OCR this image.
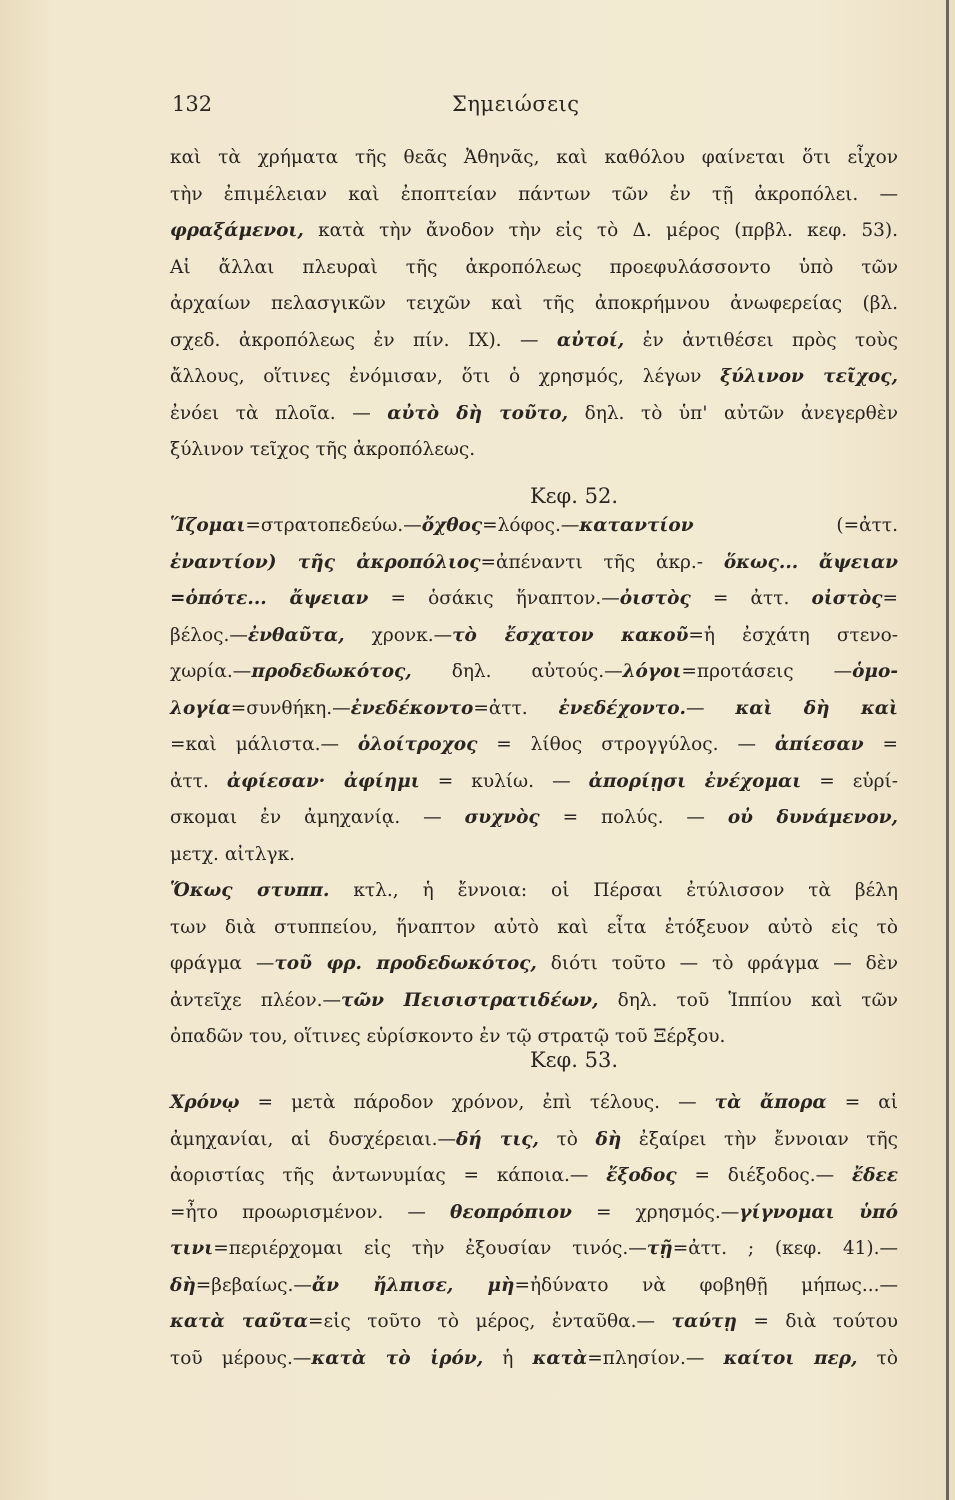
132	Σημειώσεις
καὶ τὰ χρήματα τῆς θεᾶς Ἀθηνᾶς, καὶ καθόλου φαίνεται ὅτι εἶχον
τὴν ἐπιμέλειαν καὶ ἐποπτείαν πάντων τῶν ἐν τῇ ἀκροπόλει. —
φραξάμενοι, κατὰ τὴν ἄνοδον τὴν εἰς τὸ Δ. μέρος (πρβλ. κεφ. 53).
Αἱ ἄλλαι πλευραὶ τῆς ἀκροπόλεως προεφυλάσσοντο ὑπὸ τῶν
ἀρχαίων πελασγικῶν τειχῶν καὶ τῆς ἀποκρήμνου ἀνωφερείας (βλ.
σχεδ. ἀκροπόλεως ἐν πίν. IX). — αὐτοί, ἐν ἀντιθέσει πρὸς τοὺς
ἄλλους, οἵτινες ἐνόμισαν, ὅτι ὁ χρησμός, λέγων ξύλινον τεῖχος,
ἐνόει τὰ πλοῖα. — αὐτὸ δὴ τοῦτο, δηλ. τὸ ὑπ' αὐτῶν ἀνεγερθὲν
ξύλινον τεῖχος τῆς ἀκροπόλεως.
Κεφ. 52.
Ἵζομαι=στρατοπεδεύω.—ὄχθος=λόφος.—καταντίον (=ἀττ.
ἐναντίον) τῆς ἀκροπόλιος=ἀπέναντι τῆς ἀκρ.- ὅκως... ἄψειαν
=ὁπότε... ἄψειαν = ὁσάκις ἥναπτον.—ὀιστὸς = ἀττ. οἰστὸς=
βέλος.—ἐνθαῦτα, χρονκ.—τὸ ἔσχατον κακοῦ=ἡ ἐσχάτη στενο-
χωρία.—προδεδωκότος, δηλ. αὐτούς.—λόγοι=προτάσεις —ὁμο-
λογία=συνθήκη.—ἐνεδέκοντο=ἀττ. ἐνεδέχοντο.— καὶ δὴ καὶ
=καὶ μάλιστα.— ὁλοίτροχος = λίθος στρογγύλος. — ἀπίεσαν =
ἀττ. ἀφίεσαν· ἀφίημι = κυλίω. — ἀπορίῃσι ἐνέχομαι = εὑρί-
σκομαι ἐν ἀμηχανίᾳ. — συχνὸς = πολύς. — οὐ δυνάμενον,
μετχ. αἰτλγκ.
Ὅκως στυππ. κτλ., ἡ ἔννοια: οἱ Πέρσαι ἐτύλισσον τὰ βέλη
των διὰ στυππείου, ἥναπτον αὐτὸ καὶ εἶτα ἐτόξευον αὐτὸ εἰς τὸ
φράγμα —τοῦ φρ. προδεδωκότος, διότι τοῦτο — τὸ φράγμα — δὲν
ἀντεῖχε πλέον.—τῶν Πεισιστρατιδέων, δηλ. τοῦ Ἱππίου καὶ τῶν
ὀπαδῶν του, οἵτινες εὑρίσκοντο ἐν τῷ στρατῷ τοῦ Ξέρξου.
Κεφ. 53.
Χρόνῳ = μετὰ πάροδον χρόνον, ἐπὶ τέλους. — τὰ ἄπορα = αἱ
ἀμηχανίαι, αἱ δυσχέρειαι.—δή τις, τὸ δὴ ἐξαίρει τὴν ἔννοιαν τῆς
ἀοριστίας τῆς ἀντωνυμίας = κάποια.— ἔξοδος = διέξοδος.— ἔδεε
=ἦτο προωρισμένον. — θεοπρόπιον = χρησμός.—γίγνομαι ὑπό
τινι=περιέρχομαι εἰς τὴν ἐξουσίαν τινός.—τῇ=ἀττ. ; (κεφ. 41).—
δὴ=βεβαίως.—ἄν ἤλπισε, μὴ=ἠδύνατο νὰ φοβηθῇ μήπως...—
κατὰ ταῦτα=εἰς τοῦτο τὸ μέρος, ἐνταῦθα.— ταύτῃ = διὰ τούτου
τοῦ μέρους.—κατὰ τὸ ἱρόν, ἡ κατὰ=πλησίον.— καίτοι περ, τὸ
